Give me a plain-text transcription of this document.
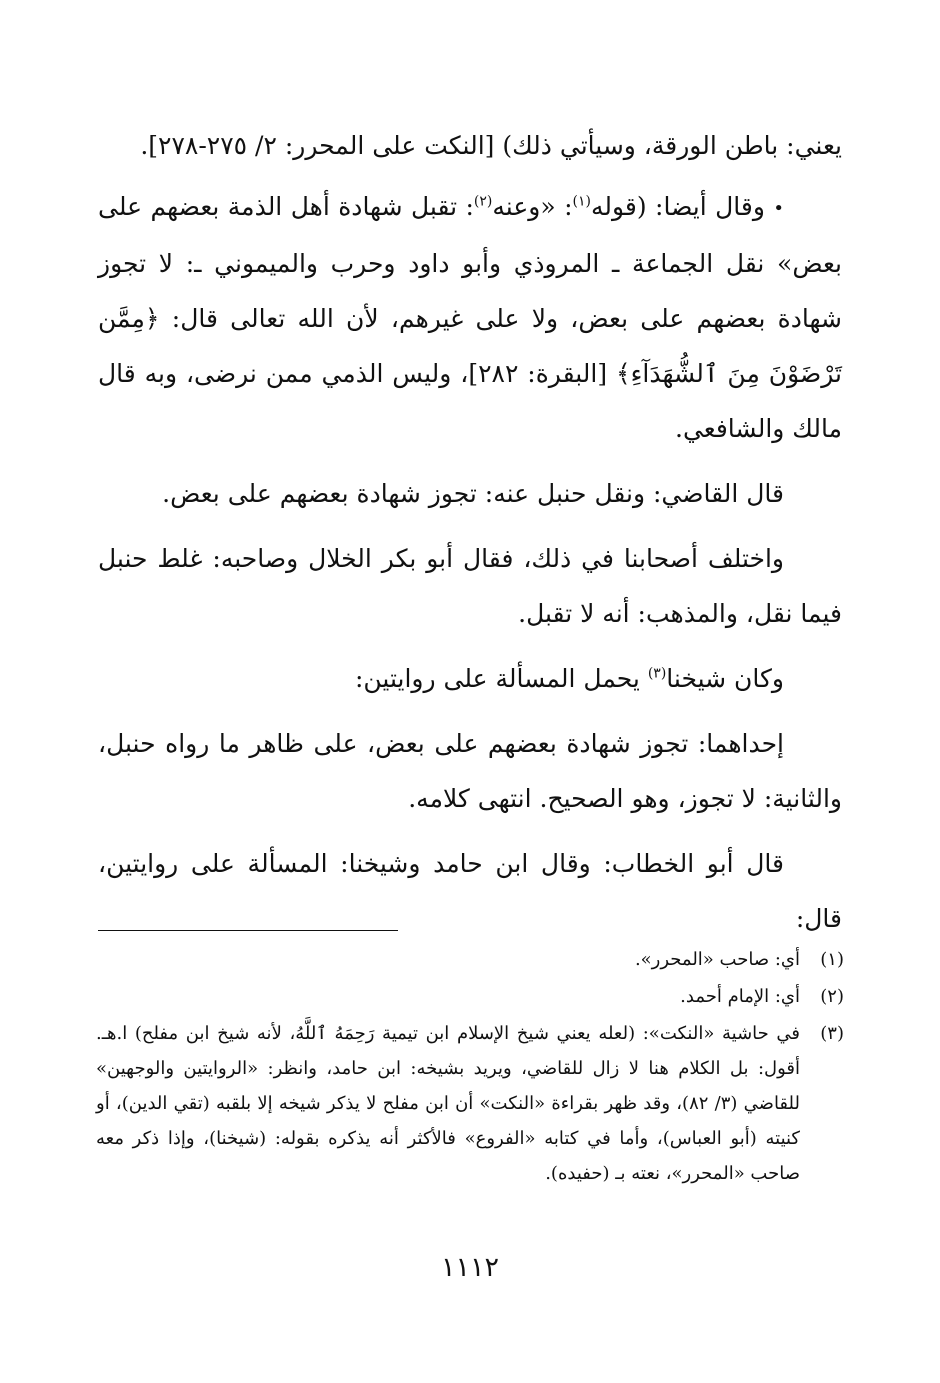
يعني: باطن الورقة، وسيأتي ذلك) [النكت على المحرر: ٢/ ٢٧٥-٢٧٨].

• وقال أيضا: (قوله$^{(١)}$: «وعنه$^{(٢)}$: تقبل شهادة أهل الذمة بعضهم على بعض» نقل الجماعة ـ المروذي وأبو داود وحرب والميموني ـ: لا تجوز شهادة بعضهم على بعض، ولا على غيرهم، لأن الله تعالى قال: ﴿مِمَّن تَرْضَوْنَ مِنَ ٱلشُّهَدَآءِ﴾ [البقرة: ٢٨٢]، وليس الذمي ممن نرضى، وبه قال مالك والشافعي.

قال القاضي: ونقل حنبل عنه: تجوز شهادة بعضهم على بعض.

واختلف أصحابنا في ذلك، فقال أبو بكر الخلال وصاحبه: غلط حنبل فيما نقل، والمذهب: أنه لا تقبل.

وكان شيخنا$^{(٣)}$ يحمل المسألة على روايتين:

إحداهما: تجوز شهادة بعضهم على بعض، على ظاهر ما رواه حنبل، والثانية: لا تجوز، وهو الصحيح. انتهى كلامه.

قال أبو الخطاب: وقال ابن حامد وشيخنا: المسألة على روايتين، قال:

(١)
أي: صاحب «المحرر».
(٢)
أي: الإمام أحمد.
(٣)
في حاشية «النكت»: (لعله يعني شيخ الإسلام ابن تيمية رَحِمَهُ ٱللَّهُ، لأنه شيخ ابن مفلح) ا.هـ. أقول: بل الكلام هنا لا زال للقاضي، ويريد بشيخه: ابن حامد، وانظر: «الروايتين والوجهين» للقاضي (٣/ ٨٢)، وقد ظهر بقراءة «النكت» أن ابن مفلح لا يذكر شيخه إلا بلقبه (تقي الدين)، أو كنيته (أبو العباس)، وأما في كتابه «الفروع» فالأكثر أنه يذكره بقوله: (شيخنا)، وإذا ذكر معه صاحب «المحرر»، نعته بـ (حفيده).
١١١٢
